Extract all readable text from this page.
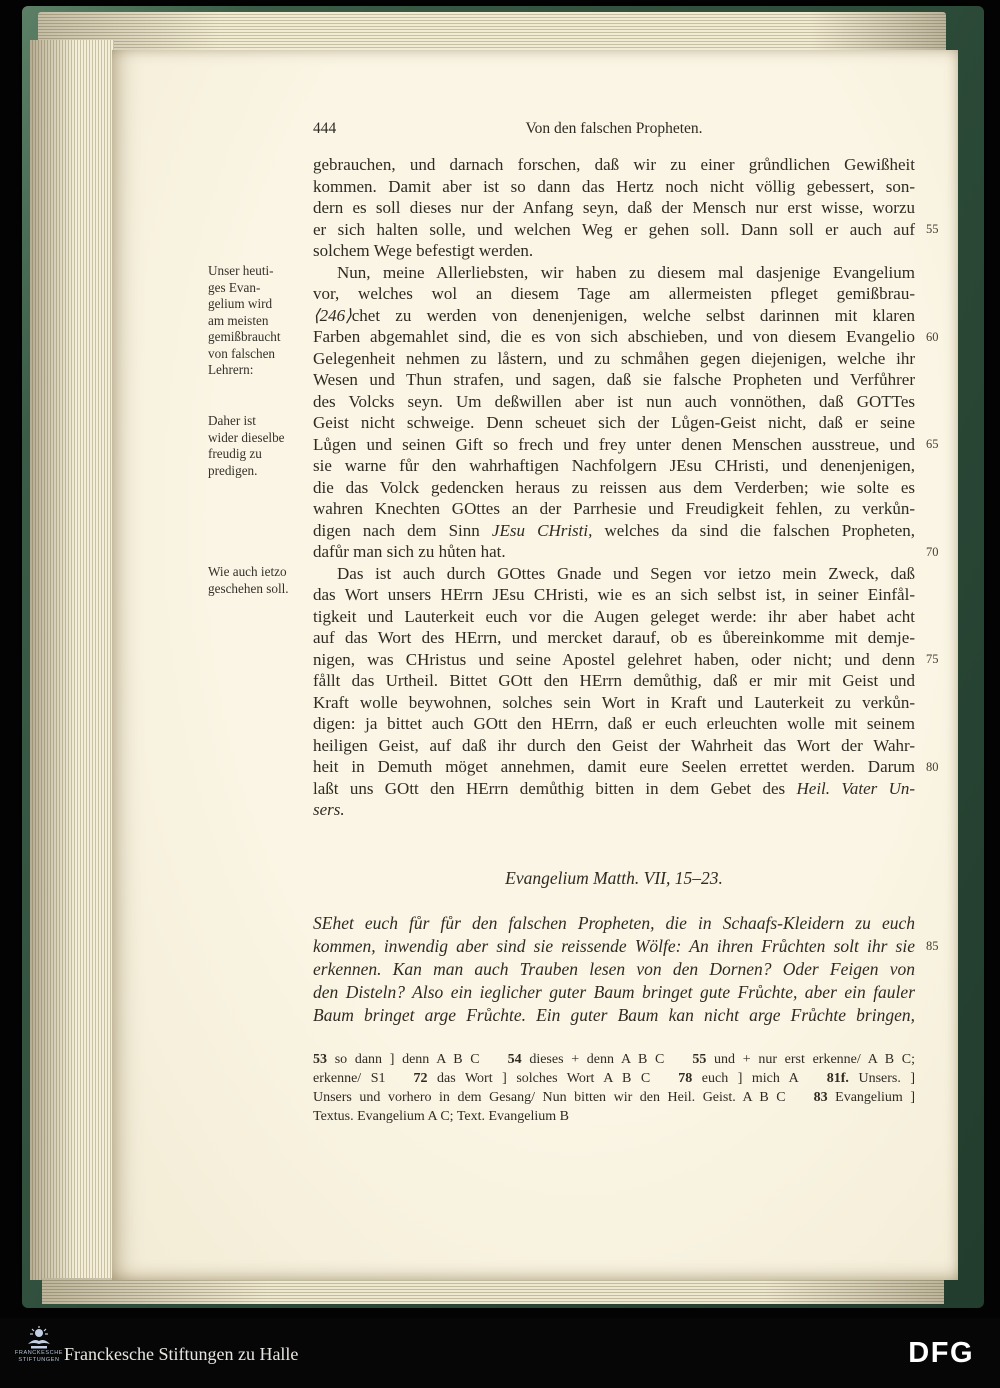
444	Von den falschen Propheten.
Unser heuti-
ges Evan-
gelium wird
am meisten
gemißbraucht
von falschen
Lehrern:
Daher ist
wider dieselbe
freudig zu
predigen.
Wie auch ietzo
geschehen soll.
gebrauchen, und darnach forschen, daß wir zu einer grůndlichen Gewißheit
kommen. Damit aber ist so dann das Hertz noch nicht völlig gebessert, son-
dern es soll dieses nur der Anfang seyn, daß der Mensch nur erst wisse, worzu
er sich halten solle, und welchen Weg er gehen soll. Dann soll er auch auf
solchem Wege befestigt werden.
Nun, meine Allerliebsten, wir haben zu diesem mal dasjenige Evangelium
vor, welches wol an diesem Tage am allermeisten pfleget gemißbrau-
⟨246⟩chet zu werden von denenjenigen, welche selbst darinnen mit klaren
Farben abgemahlet sind, die es von sich abschieben, und von diesem Evangelio
Gelegenheit nehmen zu låstern, und zu schmåhen gegen diejenigen, welche ihr
Wesen und Thun strafen, und sagen, daß sie falsche Propheten und Verfůhrer
des Volcks seyn. Um deßwillen aber ist nun auch vonnöthen, daß GOTTes
Geist nicht schweige. Denn scheuet sich der Lůgen-Geist nicht, daß er seine
Lůgen und seinen Gift so frech und frey unter denen Menschen ausstreue, und
sie warne fůr den wahrhaftigen Nachfolgern JEsu CHristi, und denenjenigen,
die das Volck gedencken heraus zu reissen aus dem Verderben; wie solte es
wahren Knechten GOttes an der Parrhesie und Freudigkeit fehlen, zu verkůn-
digen nach dem Sinn JEsu CHristi, welches da sind die falschen Propheten,
dafůr man sich zu hůten hat.
Das ist auch durch GOttes Gnade und Segen vor ietzo mein Zweck, daß
das Wort unsers HErrn JEsu CHristi, wie es an sich selbst ist, in seiner Einfål-
tigkeit und Lauterkeit euch vor die Augen geleget werde: ihr aber habet acht
auf das Wort des HErrn, und mercket darauf, ob es ůbereinkomme mit demje-
nigen, was CHristus und seine Apostel gelehret haben, oder nicht; und denn
fållt das Urtheil. Bittet GOtt den HErrn demůthig, daß er mir mit Geist und
Kraft wolle beywohnen, solches sein Wort in Kraft und Lauterkeit zu verkůn-
digen: ja bittet auch GOtt den HErrn, daß er euch erleuchten wolle mit seinem
heiligen Geist, auf daß ihr durch den Geist der Wahrheit das Wort der Wahr-
heit in Demuth möget annehmen, damit eure Seelen errettet werden. Darum
laßt uns GOtt den HErrn demůthig bitten in dem Gebet des Heil. Vater Un-
sers.
Evangelium Matth. VII, 15–23.
SEhet euch fůr fůr den falschen Propheten, die in Schaafs-Kleidern zu euch
kommen, inwendig aber sind sie reissende Wölfe: An ihren Frůchten solt ihr sie
erkennen. Kan man auch Trauben lesen von den Dornen? Oder Feigen von
den Disteln? Also ein ieglicher guter Baum bringet gute Frůchte, aber ein fauler
Baum bringet arge Frůchte. Ein guter Baum kan nicht arge Frůchte bringen,
53 so dann ] denn A B C  54 dieses + denn A B C  55 und + nur erst erkenne/ A B C;
erkenne/ S1  72 das Wort ] solches Wort A B C  78 euch ] mich A  81f. Unsers. ]
Unsers und vorhero in dem Gesang/ Nun bitten wir den Heil. Geist. A B C  83 Evangelium ]
Textus. Evangelium A C; Text. Evangelium B
55
60
65
70
75
80
85
FRANCKESCHE
STIFTUNGEN Franckesche Stiftungen zu Halle	DFG
